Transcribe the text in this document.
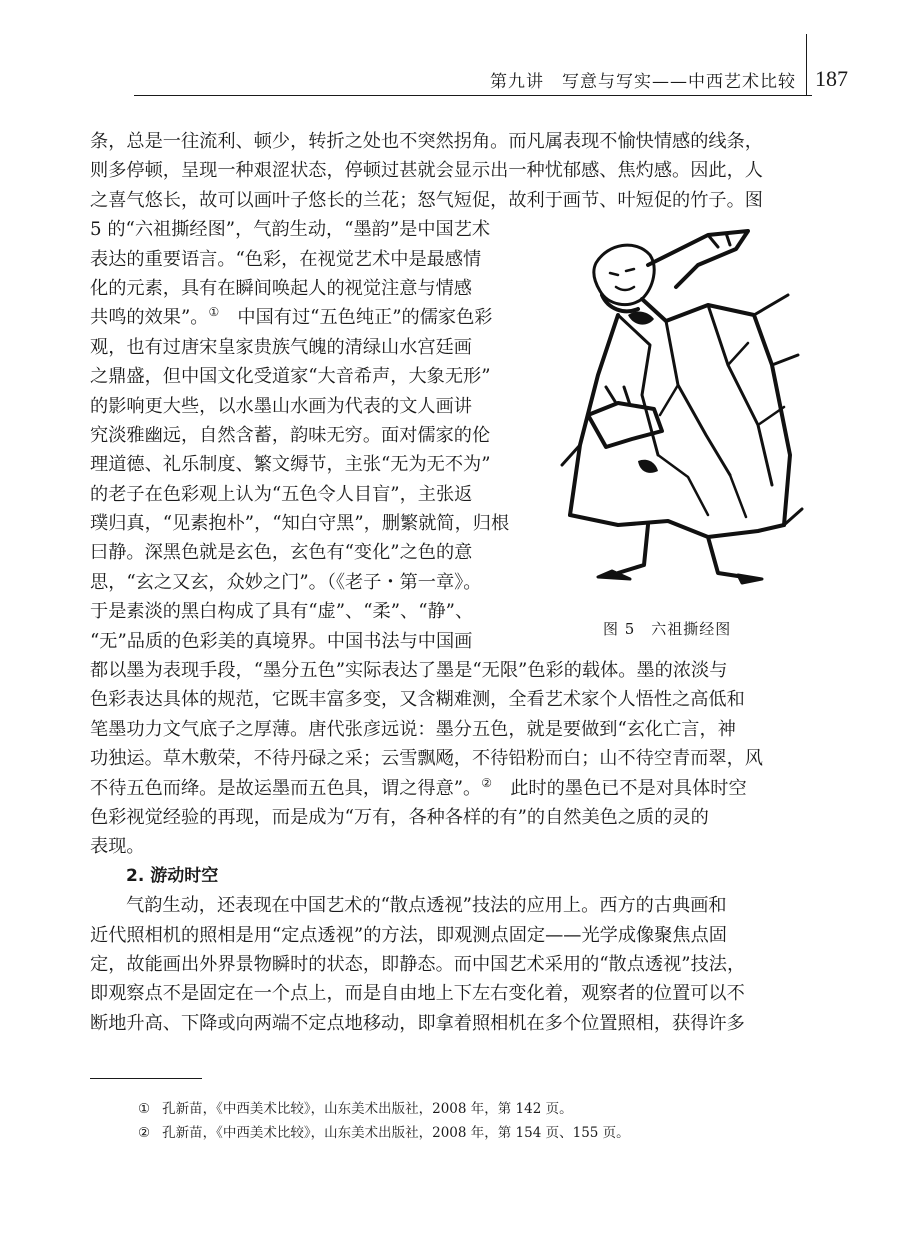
第九讲　写意与写实——中西艺术比较 187
条，总是一往流利、顿少，转折之处也不突然拐角。而凡属表现不愉快情感的线条，
则多停顿，呈现一种艰涩状态，停顿过甚就会显示出一种忧郁感、焦灼感。因此，人
之喜气悠长，故可以画叶子悠长的兰花；怒气短促，故利于画节、叶短促的竹子。图
5 的“六祖撕经图”，气韵生动，“墨韵”是中国艺术
表达的重要语言。“色彩，在视觉艺术中是最感情
化的元素，具有在瞬间唤起人的视觉注意与情感
共鸣的效果”。①　 中国有过“五色纯正”的儒家色彩
观，也有过唐宋皇家贵族气魄的清绿山水宫廷画
之鼎盛，但中国文化受道家“大音希声，大象无形”
的影响更大些，以水墨山水画为代表的文人画讲
究淡雅幽远，自然含蓄，韵味无穷。面对儒家的伦
理道德、礼乐制度、繁文缛节，主张“无为无不为”
的老子在色彩观上认为“五色令人目盲”，主张返
璞归真，“见素抱朴”，“知白守黑”，删繁就简，归根
曰静。深黑色就是玄色，玄色有“变化”之色的意
思，“玄之又玄，众妙之门”。（《老子・第一章》。
于是素淡的黑白构成了具有“虚”、“柔”、“静”、
“无”品质的色彩美的真境界。中国书法与中国画
都以墨为表现手段，“墨分五色”实际表达了墨是“无限”色彩的载体。墨的浓淡与
色彩表达具体的规范，它既丰富多变，又含糊难测，全看艺术家个人悟性之高低和
笔墨功力文气底子之厚薄。唐代张彦远说：墨分五色，就是要做到“玄化亡言，神
功独运。草木敷荣，不待丹碌之采；云雪飘飏，不待铅粉而白；山不待空青而翠，风
不待五色而绛。是故运墨而五色具，谓之得意”。②　 此时的墨色已不是对具体时空
色彩视觉经验的再现，而是成为“万有，各种各样的有”的自然美色之质的灵的
表现。
2. 游动时空
气韵生动，还表现在中国艺术的“散点透视”技法的应用上。西方的古典画和
近代照相机的照相是用“定点透视”的方法，即观测点固定——光学成像聚焦点固
定，故能画出外界景物瞬时的状态，即静态。而中国艺术采用的“散点透视”技法，
即观察点不是固定在一个点上，而是自由地上下左右变化着，观察者的位置可以不
断地升高、下降或向两端不定点地移动，即拿着照相机在多个位置照相，获得许多
图 5　六祖撕经图
① 孔新苗，《中西美术比较》，山东美术出版社，2008 年，第 142 页。
② 孔新苗，《中西美术比较》，山东美术出版社，2008 年，第 154 页、155 页。
